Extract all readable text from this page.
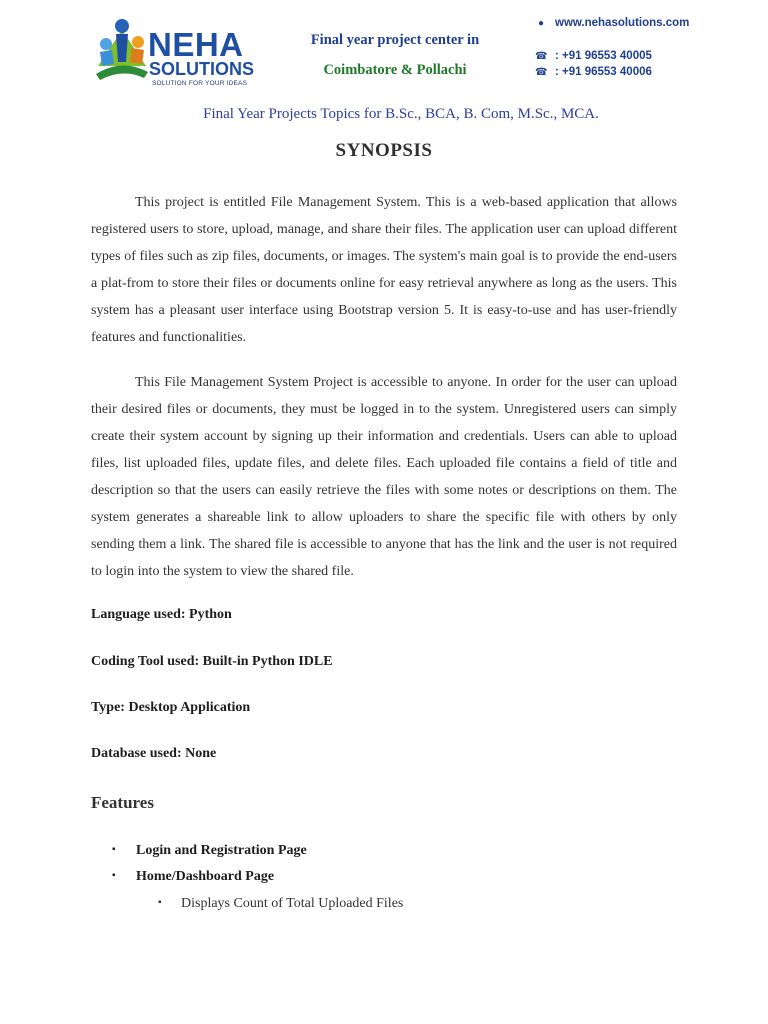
NEHA
SOLUTIONS
SOLUTION FOR YOUR IDEAS
Final year project center in
Coimbatore & Pollachi
● www.nehasolutions.com
☎ : +91 96553 40005
☎ : +91 96553 40006
Final Year Projects Topics for B.Sc., BCA, B. Com, M.Sc., MCA.
SYNOPSIS

This project is entitled File Management System. This is a web-based application that allows registered users to store, upload, manage, and share their files. The application user can upload different types of files such as zip files, documents, or images. The system's main goal is to provide the end-users a plat-from to store their files or documents online for easy retrieval anywhere as long as the users. This system has a pleasant user interface using Bootstrap version 5. It is easy-to-use and has user-friendly features and functionalities.

This File Management System Project is accessible to anyone. In order for the user can upload their desired files or documents, they must be logged in to the system. Unregistered users can simply create their system account by signing up their information and credentials. Users can able to upload files, list uploaded files, update files, and delete files. Each uploaded file contains a field of title and description so that the users can easily retrieve the files with some notes or descriptions on them. The system generates a shareable link to allow uploaders to share the specific file with others by only sending them a link. The shared file is accessible to anyone that has the link and the user is not required to login into the system to view the shared file.

Language used: Python
Coding Tool used: Built-in Python IDLE
Type: Desktop Application
Database used: None
Features
▪ Login and Registration Page
▪ Home/Dashboard Page
▪ Displays Count of Total Uploaded Files
